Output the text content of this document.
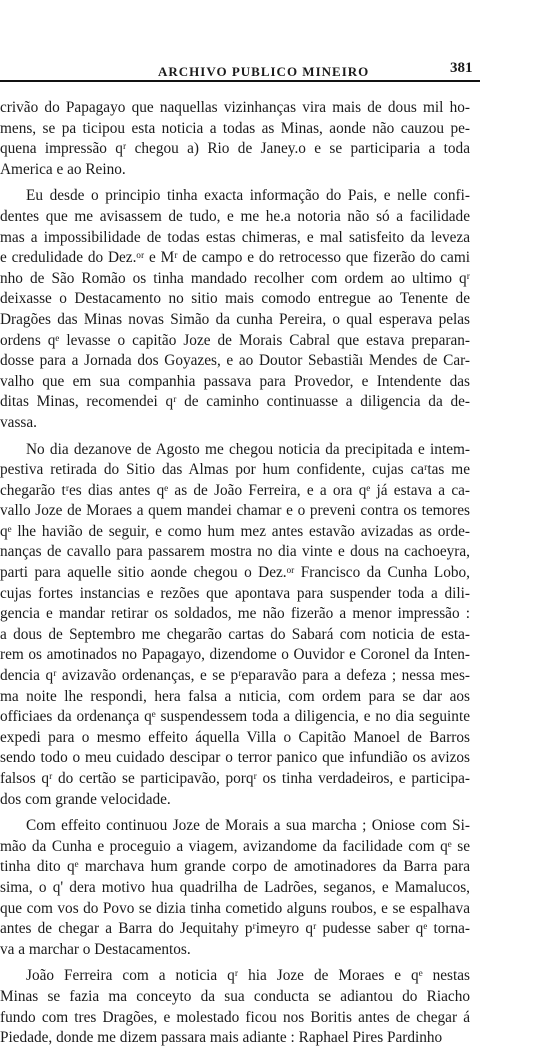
ARCHIVO PUBLICO MINEIRO	381
crivão do Papagayo que naquellas vizinhanças vira mais de dous mil ho-
mens, se pa ticipou esta noticia a todas as Minas, aonde não cauzou pe-
quena impressão qʳ chegou a) Rio de Janey.o e se participaria a toda
America e ao Reino.
Eu desde o principio tinha exacta informação do Pais, e nelle confi-
dentes que me avisassem de tudo, e me he.a notoria não só a facilidade
mas a impossibilidade de todas estas chimeras, e mal satisfeito da leveza
e credulidade do Dez.ᵒʳ e Mʳ de campo e do retrocesso que fizerão do cami
nho de São Romão os tinha mandado recolher com ordem ao ultimo qʳ
deixasse o Destacamento no sitio mais comodo entregue ao Tenente de
Dragões das Minas novas Simão da cunha Pereira, o qual esperava pelas
ordens qᵉ levasse o capitão Joze de Morais Cabral que estava preparan-
dosse para a Jornada dos Goyazes, e ao Doutor Sebastiãı Mendes de Car-
valho que em sua companhia passava para Provedor, e Intendente das
ditas Minas, recomendei qʳ de caminho continuasse a diligencia da de-
vassa.
No dia dezanove de Agosto me chegou noticia da precipitada e intem-
pestiva retirada do Sitio das Almas por hum confidente, cujas caʳtas me
chegarão tʳes dias antes qᵉ as de João Ferreira, e a ora qᵉ já estava a ca-
vallo Joze de Moraes a quem mandei chamar e o preveni contra os temores
qᵉ lhe havião de seguir, e como hum mez antes estavão avizadas as orde-
nanças de cavallo para passarem mostra no dia vinte e dous na cachoeyra,
parti para aquelle sitio aonde chegou o Dez.ᵒʳ Francisco da Cunha Lobo,
cujas fortes instancias e rezões que apontava para suspender toda a dili-
gencia e mandar retirar os soldados, me não fizerão a menor impressão :
a dous de Septembro me chegarão cartas do Sabará com noticia de esta-
rem os amotinados no Papagayo, dizendome o Ouvidor e Coronel da Inten-
dencia qʳ avizavão ordenanças, e se pʳeparavão para a defeza ; nessa mes-
ma noite lhe respondi, hera falsa a nıticia, com ordem para se dar aos
officiaes da ordenança qᵉ suspendessem toda a diligencia, e no dia seguinte
expedi para o mesmo effeito áquella Villa o Capitão Manoel de Barros
sendo todo o meu cuidado descipar o terror panico que infundião os avizos
falsos qʳ do certão se participavão, porqʳ os tinha verdadeiros, e participa-
dos com grande velocidade.
Com effeito continuou Joze de Morais a sua marcha ; Oniose com Si-
mão da Cunha e proceguio a viagem, avizandome da facilidade com qᵉ se
tinha dito qᵉ marchava hum grande corpo de amotinadores da Barra para
sima, o q' dera motivo hua quadrilha de Ladrões, seganos, e Mamalucos,
que com vos do Povo se dizia tinha cometido alguns roubos, e se espalhava
antes de chegar a Barra do Jequitahy pʳimeyro qʳ pudesse saber qᵉ torna-
va a marchar o Destacamentos.
João Ferreira com a noticia qʳ hia Joze de Moraes e qᵉ nestas
Minas se fazia ma conceyto da sua conducta se adiantou do Riacho
fundo com tres Dragões, e molestado ficou nos Boritis antes de chegar á
Piedade, donde me dizem passara mais adiante : Raphael Pires Pardinho
